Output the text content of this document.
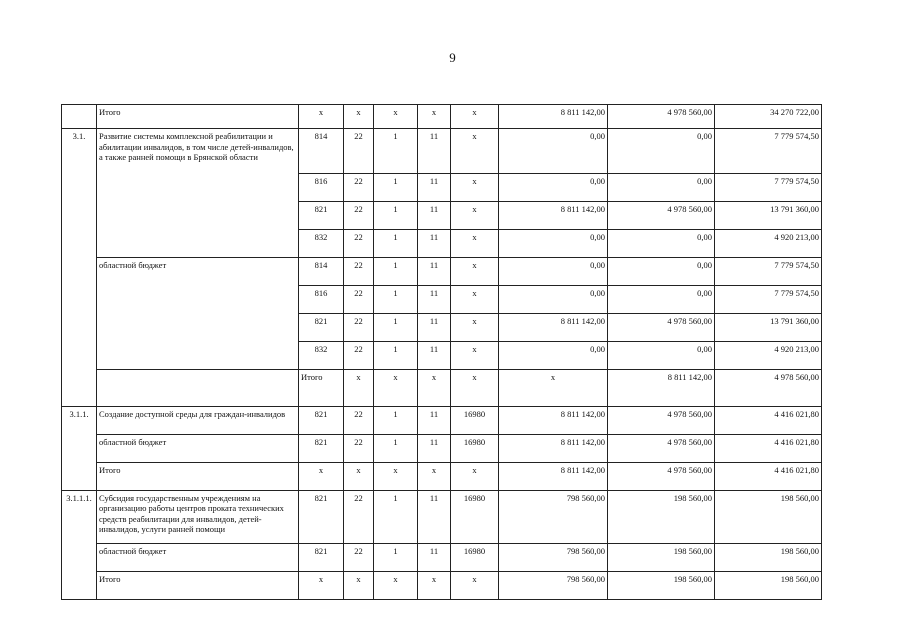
9
	Итого	х	х	х	х	х	8 811 142,00	4 978 560,00	34 270 722,00	
3.1.	Развитие системы комплексной реабилитации и абилитации инвалидов, в том числе детей-инвалидов, а также ранней помощи в Брянской области	814	22	1	11	х	0,00	0,00	7 779 574,50	
		816	22	1	11	х	0,00	0,00	7 779 574,50	
		821	22	1	11	х	8 811 142,00	4 978 560,00	13 791 360,00	
		832	22	1	11	х	0,00	0,00	4 920 213,00	
	областной бюджет	814	22	1	11	х	0,00	0,00	7 779 574,50	
		816	22	1	11	х	0,00	0,00	7 779 574,50	
		821	22	1	11	х	8 811 142,00	4 978 560,00	13 791 360,00	
		832	22	1	11	х	0,00	0,00	4 920 213,00	
		Итого	х	х	х	х	х	8 811 142,00	4 978 560,00	
3.1.1.	Создание доступной среды для граждан-инвалидов	821	22	1	11	16980	8 811 142,00	4 978 560,00	4 416 021,80	
	областной бюджет	821	22	1	11	16980	8 811 142,00	4 978 560,00	4 416 021,80	
	Итого	х	х	х	х	х	8 811 142,00	4 978 560,00	4 416 021,80	
3.1.1.1.	Субсидия государственным учреждениям на организацию работы центров проката технических средств реабилитации для инвалидов, детей-инвалидов, услуги ранней помощи	821	22	1	11	16980	798 560,00	198 560,00	198 560,00	
	областной бюджет	821	22	1	11	16980	798 560,00	198 560,00	198 560,00	
	Итого	х	х	х	х	х	798 560,00	198 560,00	198 560,00	
